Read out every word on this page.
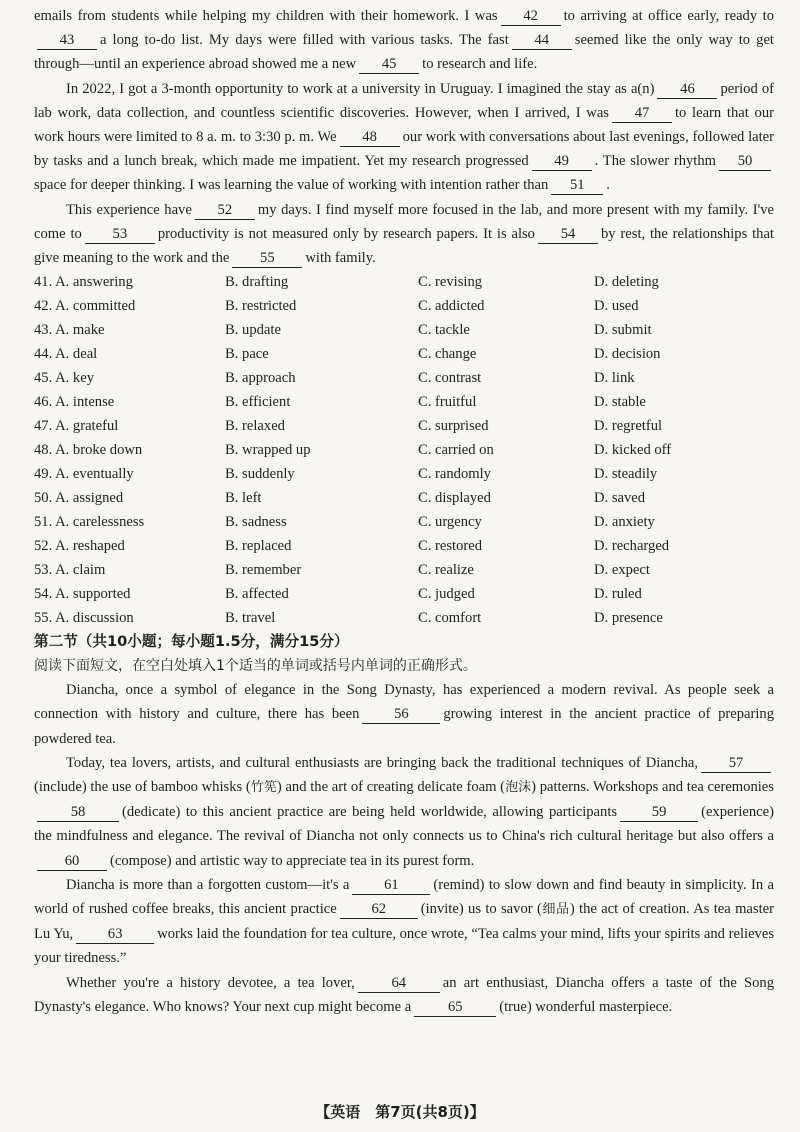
emails from students while helping my children with their homework. I was 42 to arriving at office early, ready to43 a long to-do list. My days were filled with various tasks. The fast 44 seemed like the only way to get through—until an experience abroad showed me a new 45 to research and life.

In 2022, I got a 3-month opportunity to work at a university in Uruguay. I imagined the stay as a(n) 46 period of lab work, data collection, and countless scientific discoveries. However, when I arrived, I was 47 to learn that our work hours were limited to 8 a. m. to 3:30 p. m. We 48 our work with conversations about last evenings, followed later by tasks and a lunch break, which made me impatient. Yet my research progressed 49 . The slower rhythm 50space for deeper thinking. I was learning the value of working with intention rather than 51 .

This experience have 52 my days. I find myself more focused in the lab, and more present with my family. I've come to 53 productivity is not measured only by research papers. It is also 54 by rest, the relationships that give meaning to the work and the 55 with family.

41. A. answering	B. drafting	C. revising	D. deleting
42. A. committed	B. restricted	C. addicted	D. used
43. A. make	B. update	C. tackle	D. submit
44. A. deal	B. pace	C. change	D. decision
45. A. key	B. approach	C. contrast	D. link
46. A. intense	B. efficient	C. fruitful	D. stable
47. A. grateful	B. relaxed	C. surprised	D. regretful
48. A. broke down	B. wrapped up	C. carried on	D. kicked off
49. A. eventually	B. suddenly	C. randomly	D. steadily
50. A. assigned	B. left	C. displayed	D. saved
51. A. carelessness	B. sadness	C. urgency	D. anxiety
52. A. reshaped	B. replaced	C. restored	D. recharged
53. A. claim	B. remember	C. realize	D. expect
54. A. supported	B. affected	C. judged	D. ruled
55. A. discussion	B. travel	C. comfort	D. presence

第二节（共10小题；每小题1.5分，满分15分）

阅读下面短文，在空白处填入1个适当的单词或括号内单词的正确形式。

Diancha, once a symbol of elegance in the Song Dynasty, has experienced a modern revival. As people seek a connection with history and culture, there has been 56 growing interest in the ancient practice of preparing powdered tea.

Today, tea lovers, artists, and cultural enthusiasts are bringing back the traditional techniques of Diancha, 57(include) the use of bamboo whisks (竹筅) and the art of creating delicate foam (泡沫) patterns. Workshops and tea ceremonies58	(dedicate) to this ancient practice are being held worldwide, allowing participants 59 (experience) the mindfulness and elegance. The revival of Diancha not only connects us to China's rich cultural heritage but also offers a60 (compose) and artistic way to appreciate tea in its purest form.

Diancha is more than a forgotten custom—it's a 61 (remind) to slow down and find beauty in simplicity. In a world of rushed coffee breaks, this ancient practice 62 (invite) us to savor (细品) the act of creation. As tea master Lu Yu, 63 works laid the foundation for tea culture, once wrote, “Tea calms your mind, lifts your spirits and relieves your tiredness.”

Whether you're a history devotee, a tea lover,	64	an art enthusiast, Diancha offers a taste of the Song Dynasty's elegance. Who knows? Your next cup might become a	65	(true) wonderful masterpiece.

【英语　第7页(共8页)】
